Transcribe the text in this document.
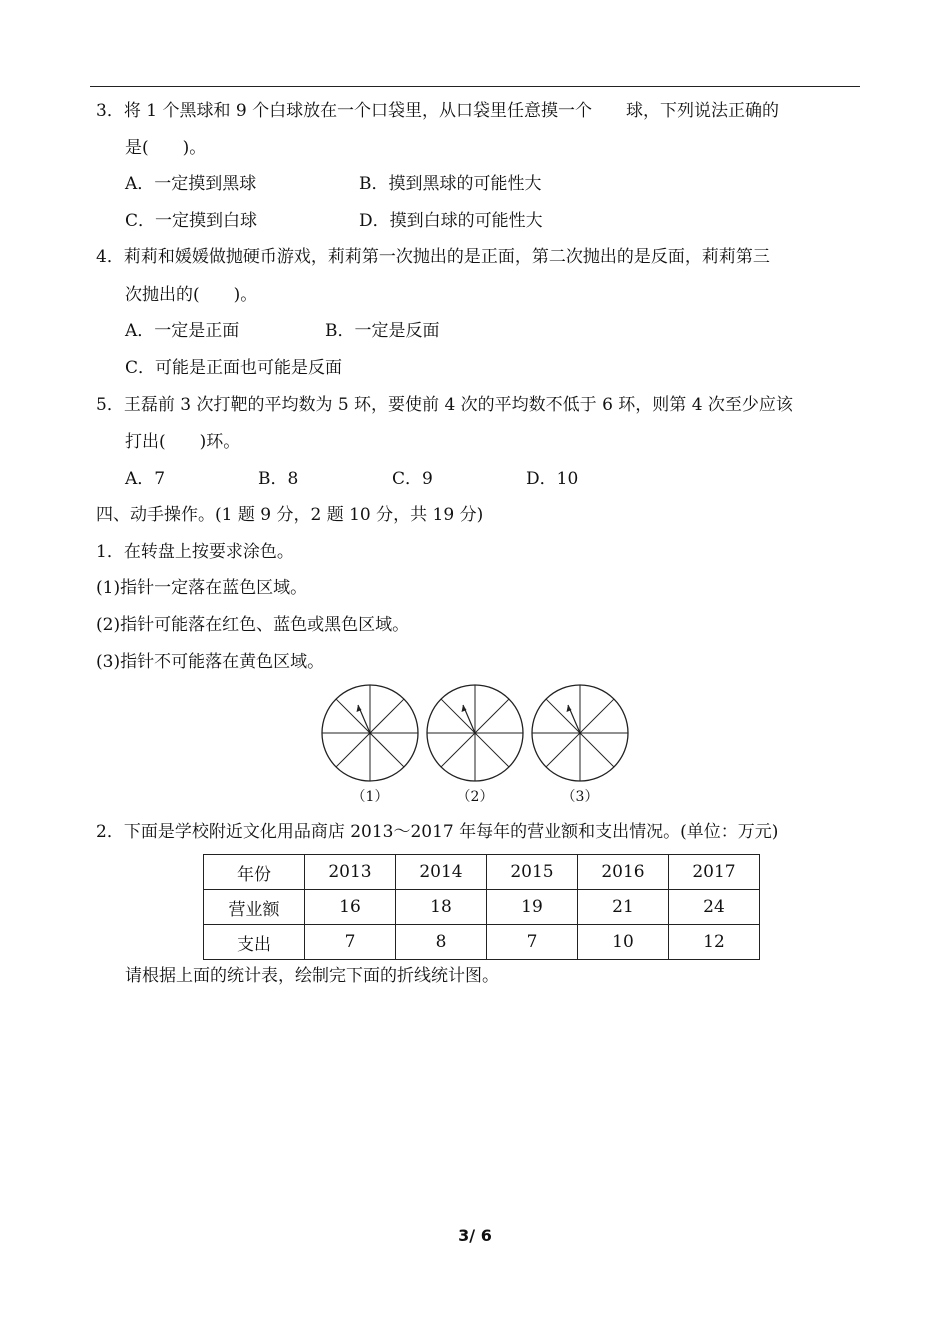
3．将 1 个黑球和 9 个白球放在一个口袋里，从口袋里任意摸一个　　球，下列说法正确的
是(　　)。
A．一定摸到黑球	B．摸到黑球的可能性大
C．一定摸到白球	D．摸到白球的可能性大
4．莉莉和媛媛做抛硬币游戏，莉莉第一次抛出的是正面，第二次抛出的是反面，莉莉第三
次抛出的(　　)。
A．一定是正面	B．一定是反面
C．可能是正面也可能是反面
5．王磊前 3 次打靶的平均数为 5 环，要使前 4 次的平均数不低于 6 环，则第 4 次至少应该
打出(　　)环。
A．7	B．8	C．9	D．10
四、动手操作。(1 题 9 分，2 题 10 分，共 19 分)
1．在转盘上按要求涂色。
(1)指针一定落在蓝色区域。
(2)指针可能落在红色、蓝色或黑色区域。
(3)指针不可能落在黄色区域。
（1）	（2）	（3）
2．下面是学校附近文化用品商店 2013～2017 年每年的营业额和支出情况。(单位：万元)
年份	2013	2014	2015	2016	2017
营业额	16	18	19	21	24
支出	7	8	7	10	12
请根据上面的统计表，绘制完下面的折线统计图。
3/ 6
